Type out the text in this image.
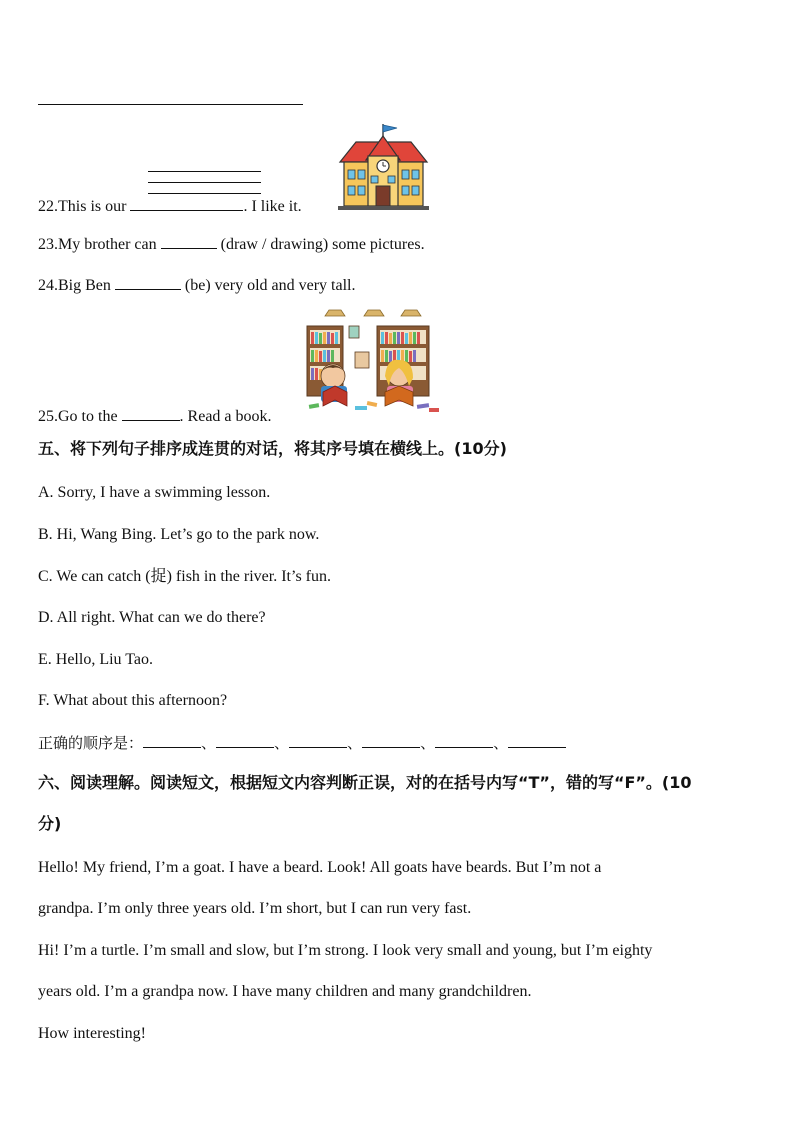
22.This is our	. I like it.
23.My brother can	(draw / drawing) some pictures.
24.Big Ben	(be) very old and very tall.
25.Go to the	. Read a book.
五、将下列句子排序成连贯的对话，将其序号填在横线上。(10分)
A. Sorry, I have a swimming lesson.
B. Hi, Wang Bing. Let’s go to the park now.
C. We can catch (捉) fish in the river. It’s fun.
D. All right. What can we do there?
E. Hello, Liu Tao.
F. What about this afternoon?
正确的顺序是：	、	、	、	、	、
六、阅读理解。阅读短文，根据短文内容判断正误，对的在括号内写“T”，错的写“F”。(10
分)
Hello! My friend, I’m a goat. I have a beard. Look! All goats have beards. But I’m not a
grandpa. I’m only three years old. I’m short, but I can run very fast.
Hi! I’m a turtle. I’m small and slow, but I’m strong. I look very small and young, but I’m eighty
years old. I’m a grandpa now. I have many children and many grandchildren.
How interesting!
